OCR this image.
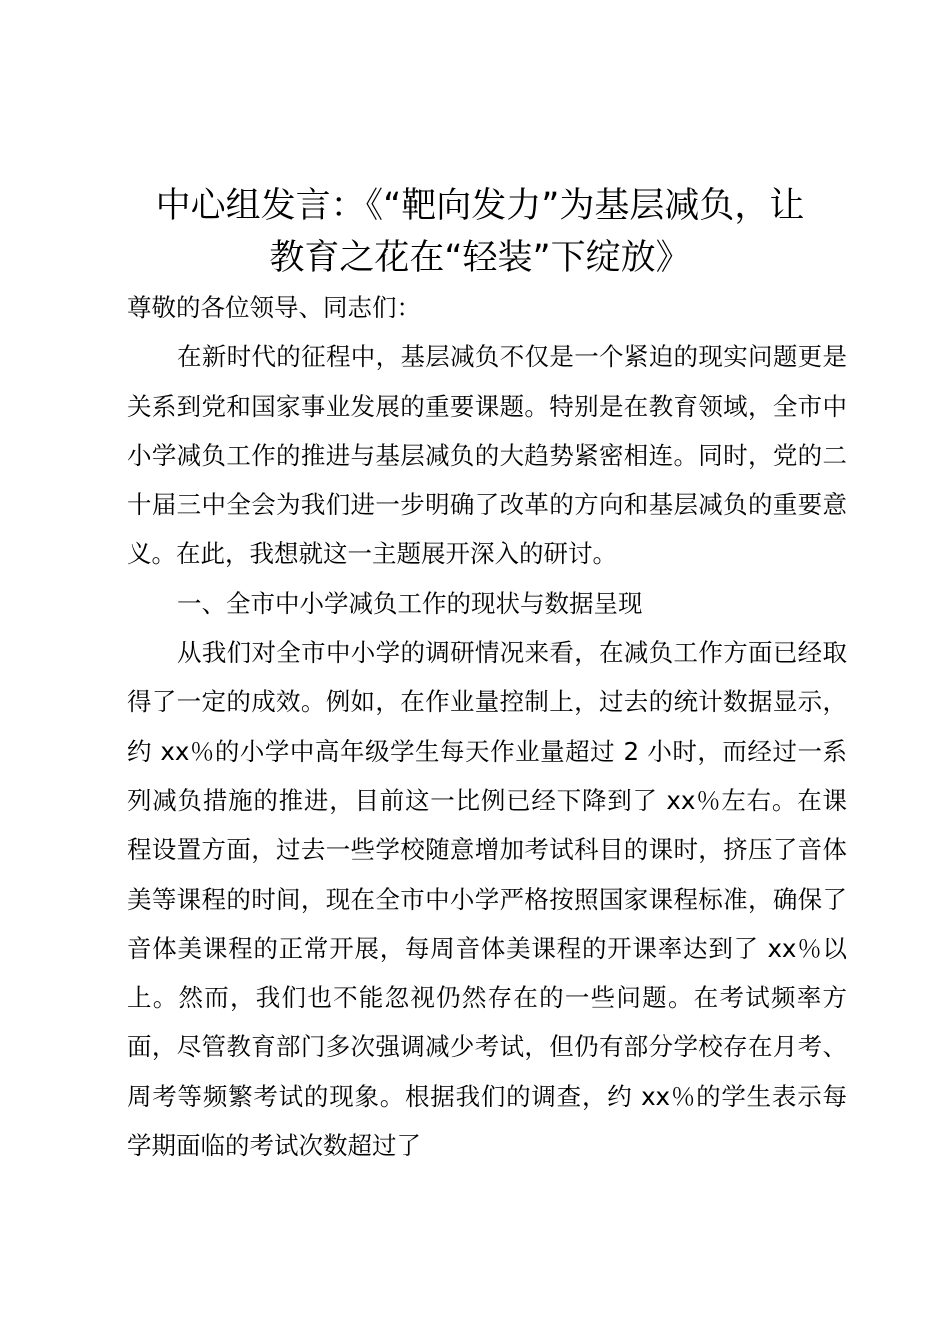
中心组发言：《“靶向发力”为基层减负，让
教育之花在“轻装”下绽放》

尊敬的各位领导、同志们：

在新时代的征程中，基层减负不仅是一个紧迫的现实问题更是关系到党和国家事业发展的重要课题。特别是在教育领域，全市中小学减负工作的推进与基层减负的大趋势紧密相连。同时，党的二十届三中全会为我们进一步明确了改革的方向和基层减负的重要意义。在此，我想就这一主题展开深入的研讨。

一、全市中小学减负工作的现状与数据呈现

从我们对全市中小学的调研情况来看，在减负工作方面已经取得了一定的成效。例如，在作业量控制上，过去的统计数据显示，约 xx％的小学中高年级学生每天作业量超过 2 小时，而经过一系列减负措施的推进，目前这一比例已经下降到了 xx％左右。在课程设置方面，过去一些学校随意增加考试科目的课时，挤压了音体美等课程的时间，现在全市中小学严格按照国家课程标准，确保了音体美课程的正常开展，每周音体美课程的开课率达到了 xx％以上。然而，我们也不能忽视仍然存在的一些问题。在考试频率方面，尽管教育部门多次强调减少考试，但仍有部分学校存在月考、周考等频繁考试的现象。根据我们的调查，约 xx％的学生表示每学期面临的考试次数超过了
